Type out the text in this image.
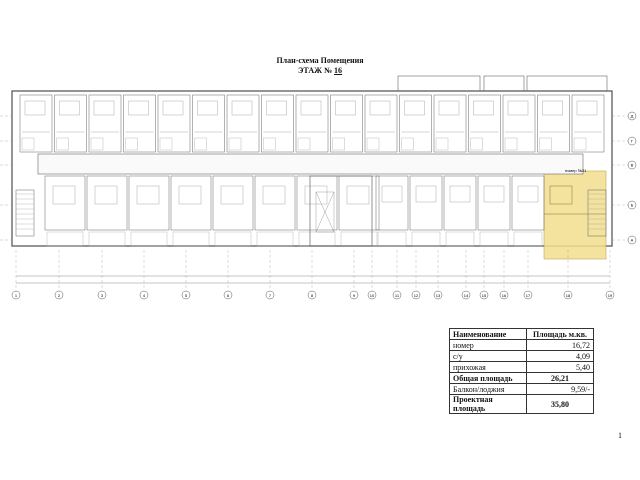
План-схема Помещения
ЭТАЖ № 16
1	2	3	4	5	6	7	8	9	10	11	12	13	14	15	16	17	18	19
А
Б
В
Г
Д
номер №21
Наименование	Площадь м.кв.
номер	16,72
с/у	4,09
прихожая	5,40
Общая площадь	26,21
Балкон/лоджия	9,59/-
Проектная площадь	35,80
1
